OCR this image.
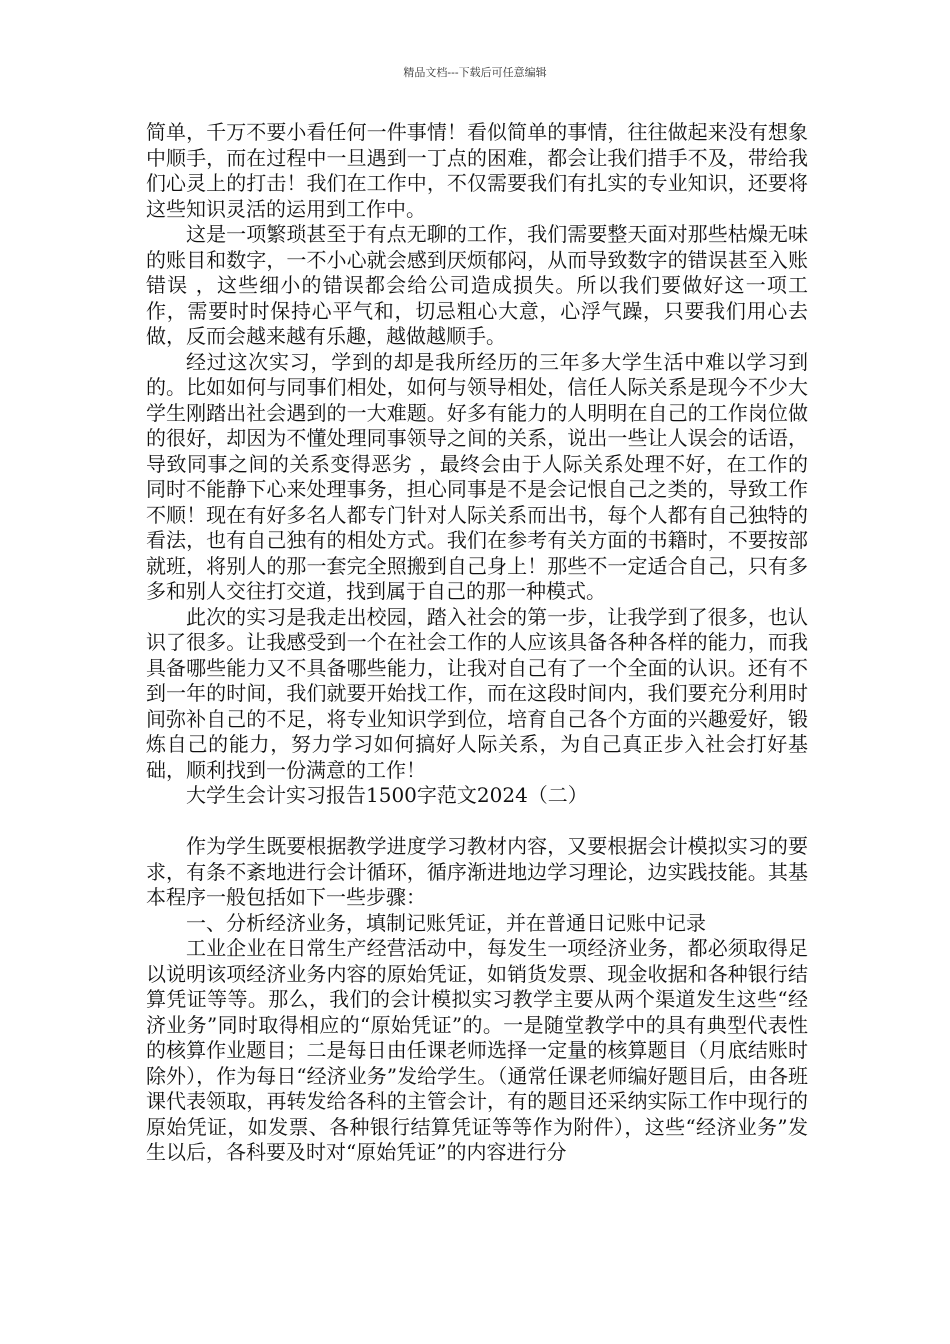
精品文档---下载后可任意编辑

简单，千万不要小看任何一件事情！看似简单的事情，往往做起来没有想象中顺手，而在过程中一旦遇到一丁点的困难，都会让我们措手不及，带给我们心灵上的打击！我们在工作中，不仅需要我们有扎实的专业知识，还要将这些知识灵活的运用到工作中。

这是一项繁琐甚至于有点无聊的工作，我们需要整天面对那些枯燥无味的账目和数字，一不小心就会感到厌烦郁闷，从而导致数字的错误甚至入账错误 ，这些细小的错误都会给公司造成损失。所以我们要做好这一项工作，需要时时保持心平气和，切忌粗心大意，心浮气躁，只要我们用心去做，反而会越来越有乐趣，越做越顺手。

经过这次实习，学到的却是我所经历的三年多大学生活中难以学习到的。比如如何与同事们相处，如何与领导相处，信任人际关系是现今不少大学生刚踏出社会遇到的一大难题。好多有能力的人明明在自己的工作岗位做的很好，却因为不懂处理同事领导之间的关系，说出一些让人误会的话语，导致同事之间的关系变得恶劣 ，最终会由于人际关系处理不好，在工作的同时不能静下心来处理事务，担心同事是不是会记恨自己之类的，导致工作不顺！现在有好多名人都专门针对人际关系而出书，每个人都有自己独特的看法，也有自己独有的相处方式。我们在参考有关方面的书籍时，不要按部就班，将别人的那一套完全照搬到自己身上！那些不一定适合自己，只有多多和别人交往打交道，找到属于自己的那一种模式。

此次的实习是我走出校园，踏入社会的第一步，让我学到了很多，也认识了很多。让我感受到一个在社会工作的人应该具备各种各样的能力，而我具备哪些能力又不具备哪些能力，让我对自己有了一个全面的认识。还有不到一年的时间，我们就要开始找工作，而在这段时间内，我们要充分利用时间弥补自己的不足，将专业知识学到位，培育自己各个方面的兴趣爱好，锻炼自己的能力，努力学习如何搞好人际关系，为自己真正步入社会打好基础，顺利找到一份满意的工作！

大学生会计实习报告1500字范文2024（二）

作为学生既要根据教学进度学习教材内容，又要根据会计模拟实习的要求，有条不紊地进行会计循环，循序渐进地边学习理论，边实践技能。其基本程序一般包括如下一些步骤：

一、分析经济业务，填制记账凭证，并在普通日记账中记录

工业企业在日常生产经营活动中，每发生一项经济业务，都必须取得足以说明该项经济业务内容的原始凭证，如销货发票、现金收据和各种银行结算凭证等等。那么，我们的会计模拟实习教学主要从两个渠道发生这些“经济业务”同时取得相应的“原始凭证”的。一是随堂教学中的具有典型代表性的核算作业题目；二是每日由任课老师选择一定量的核算题目（月底结账时除外），作为每日“经济业务”发给学生。（通常任课老师编好题目后，由各班课代表领取，再转发给各科的主管会计，有的题目还采纳实际工作中现行的原始凭证，如发票、各种银行结算凭证等等作为附件），这些“经济业务”发生以后，各科要及时对“原始凭证”的内容进行分
